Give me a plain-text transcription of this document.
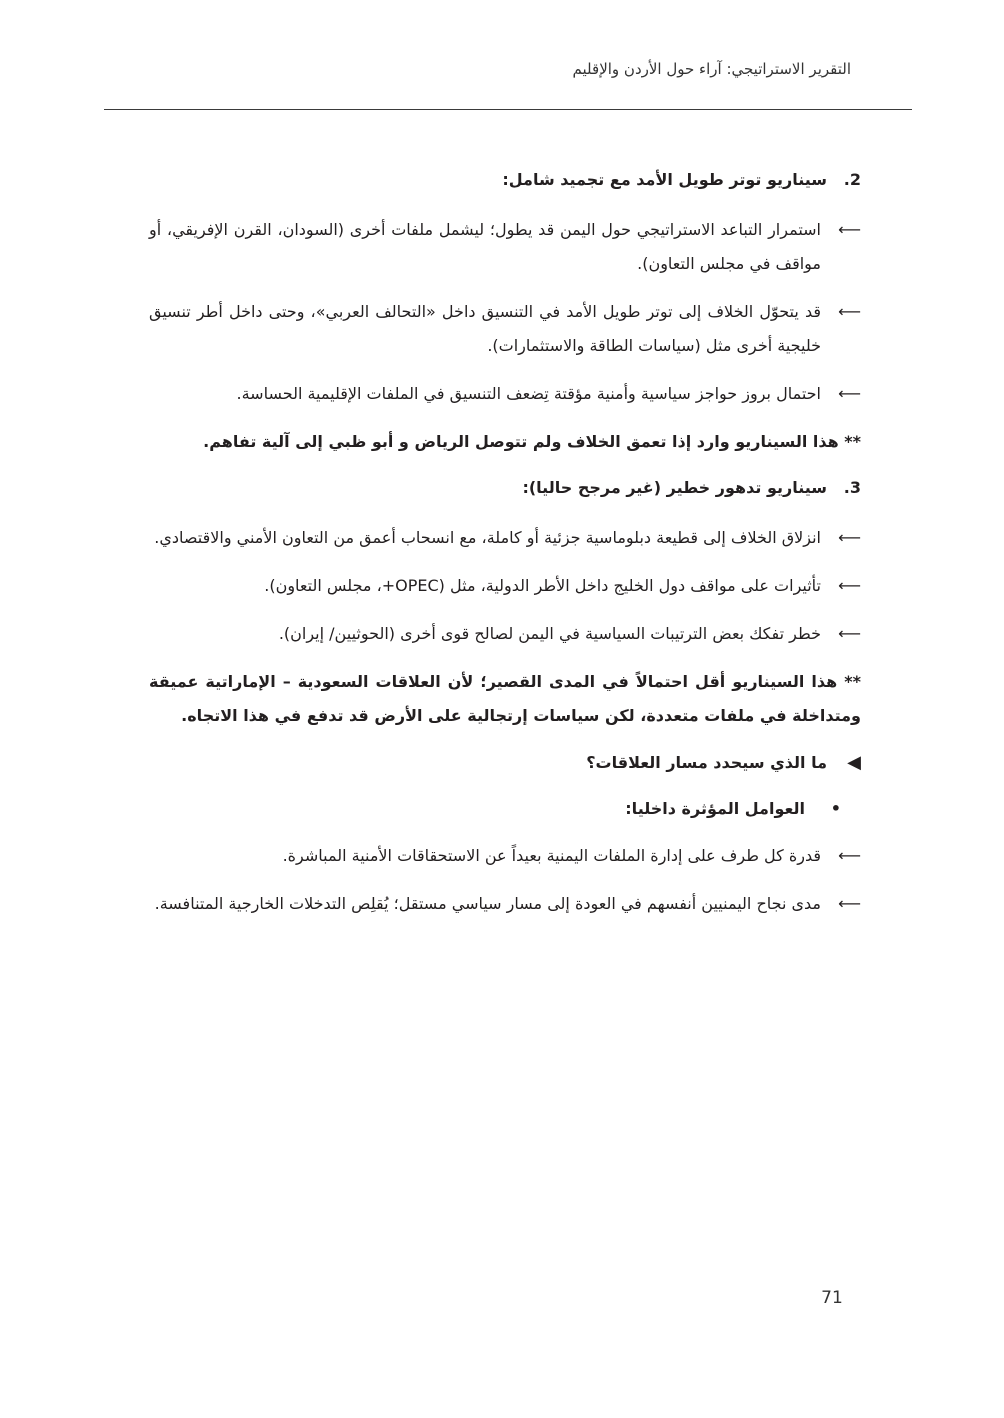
التقرير الاستراتيجي: آراء حول الأردن والإقليم
2.سيناريو توتر طويل الأمد مع تجميد شامل:
⟵
استمرار التباعد الاستراتيجي حول اليمن قد يطول؛ ليشمل ملفات أخرى (السودان، القرن الإفريقي، أو مواقف في مجلس التعاون).
⟵
قد يتحوّل الخلاف إلى توتر طويل الأمد في التنسيق داخل «التحالف العربي»، وحتى داخل أطر تنسيق خليجية أخرى مثل (سياسات الطاقة والاستثمارات).
⟵
احتمال بروز حواجز سياسية وأمنية مؤقتة تِضعف التنسيق في الملفات الإقليمية الحساسة.
** هذا السيناريو وارد إذا تعمق الخلاف ولم تتوصل الرياض و أبو ظبي إلى آلية تفاهم.
3.سيناريو تدهور خطير (غير مرجح حاليا):
⟵
انزلاق الخلاف إلى قطيعة دبلوماسية جزئية أو كاملة، مع انسحاب أعمق من التعاون الأمني والاقتصادي.
⟵
تأثيرات على مواقف دول الخليج داخل الأطر الدولية، مثل (OPEC+، مجلس التعاون).
⟵
خطر تفكك بعض الترتيبات السياسية في اليمن لصالح قوى أخرى (الحوثيين/ إيران).
** هذا السيناريو أقل احتمالاً في المدى القصير؛ لأن العلاقات السعودية – الإماراتية عميقة ومتداخلة في ملفات متعددة، لكن سياسات إرتجالية على الأرض قد تدفع في هذا الاتجاه.
◀ما الذي سيحدد مسار العلاقات؟
•العوامل المؤثرة داخليا:
⟵
قدرة كل طرف على إدارة الملفات اليمنية بعيداً عن الاستحقاقات الأمنية المباشرة.
⟵
مدى نجاح اليمنيين أنفسهم في العودة إلى مسار سياسي مستقل؛ يُقلِص التدخلات الخارجية المتنافسة.
71
